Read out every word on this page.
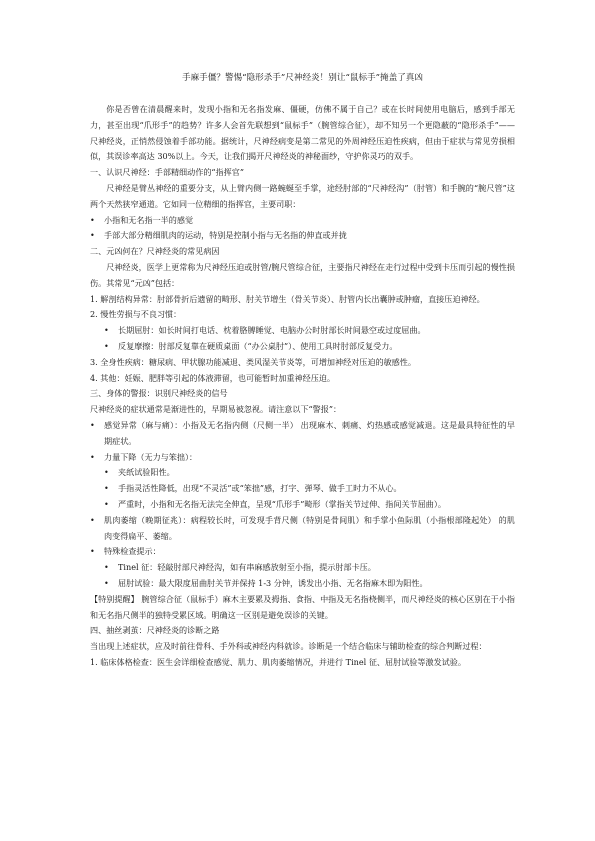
手麻手僵？警惕“隐形杀手”尺神经炎！别让“鼠标手”掩盖了真凶

你是否曾在清晨醒来时，发现小指和无名指发麻、僵硬，仿佛不属于自己？或在长时间使用电脑后，感到手部无力，甚至出现“爪形手”的趋势？许多人会首先联想到“鼠标手”（腕管综合征），却不知另一个更隐蔽的“隐形杀手”——尺神经炎，正悄然侵蚀着手部功能。据统计，尺神经病变是第二常见的外周神经压迫性疾病，但由于症状与常见劳损相似，其误诊率高达 30%以上。今天，让我们揭开尺神经炎的神秘面纱，守护你灵巧的双手。

一、认识尺神经：手部精细动作的“指挥官”

尺神经是臂丛神经的重要分支，从上臂内侧一路蜿蜒至手掌，途经肘部的“尺神经沟”（肘管）和手腕的“腕尺管”这两个天然狭窄通道。它如同一位精细的指挥官，主要司职：

• 小指和无名指一半的感觉
• 手部大部分精细肌肉的运动，特别是控制小指与无名指的伸直或并拢
二、元凶何在？尺神经炎的常见病因

尺神经炎，医学上更常称为尺神经压迫或肘管/腕尺管综合征，主要指尺神经在走行过程中受到卡压而引起的慢性损伤。其常见“元凶”包括：

1. 解剖结构异常：肘部骨折后遗留的畸形、肘关节增生（骨关节炎）、肘管内长出囊肿或肿瘤，直接压迫神经。

2. 慢性劳损与不良习惯：

• 长期屈肘：如长时间打电话、枕着胳膊睡觉、电脑办公时肘部长时间悬空或过度屈曲。
• 反复摩擦：肘部反复靠在硬质桌面（“办公桌肘”）、使用工具时肘部反复受力。

3. 全身性疾病：糖尿病、甲状腺功能减退、类风湿关节炎等，可增加神经对压迫的敏感性。

4. 其他：妊娠、肥胖等引起的体液滞留，也可能暂时加重神经压迫。

三、身体的警报：识别尺神经炎的信号

尺神经炎的症状通常是渐进性的，早期易被忽视。请注意以下“警报”：

• 感觉异常（麻与痛）：小指及无名指内侧（尺侧一半） 出现麻木、刺痛、灼热感或感觉减退。这是最具特征性的早期症状。
• 力量下降（无力与笨拙）：
• 夹纸试验阳性。
• 手指灵活性降低，出现“不灵活”或“笨拙”感，打字、弹琴、做手工时力不从心。
• 严重时，小指和无名指无法完全伸直，呈现“爪形手”畸形（掌指关节过伸、指间关节屈曲）。
• 肌肉萎缩（晚期征兆）：病程较长时，可发现手背尺侧（特别是骨间肌）和手掌小鱼际肌（小指根部隆起处） 的肌肉变得扁平、萎缩。
• 特殊检查提示：
• Tinel 征：轻敲肘部尺神经沟，如有串麻感放射至小指，提示肘部卡压。
• 屈肘试验：最大限度屈曲肘关节并保持 1-3 分钟，诱发出小指、无名指麻木即为阳性。

【特别提醒】 腕管综合征（鼠标手）麻木主要累及拇指、食指、中指及无名指桡侧半，而尺神经炎的核心区别在于小指和无名指尺侧半的独特受累区域。明确这一区别是避免误诊的关键。

四、抽丝剥茧：尺神经炎的诊断之路

当出现上述症状，应及时前往骨科、手外科或神经内科就诊。诊断是一个结合临床与辅助检查的综合判断过程：

1. 临床体格检查：医生会详细检查感觉、肌力、肌肉萎缩情况，并进行 Tinel 征、屈肘试验等激发试验。
